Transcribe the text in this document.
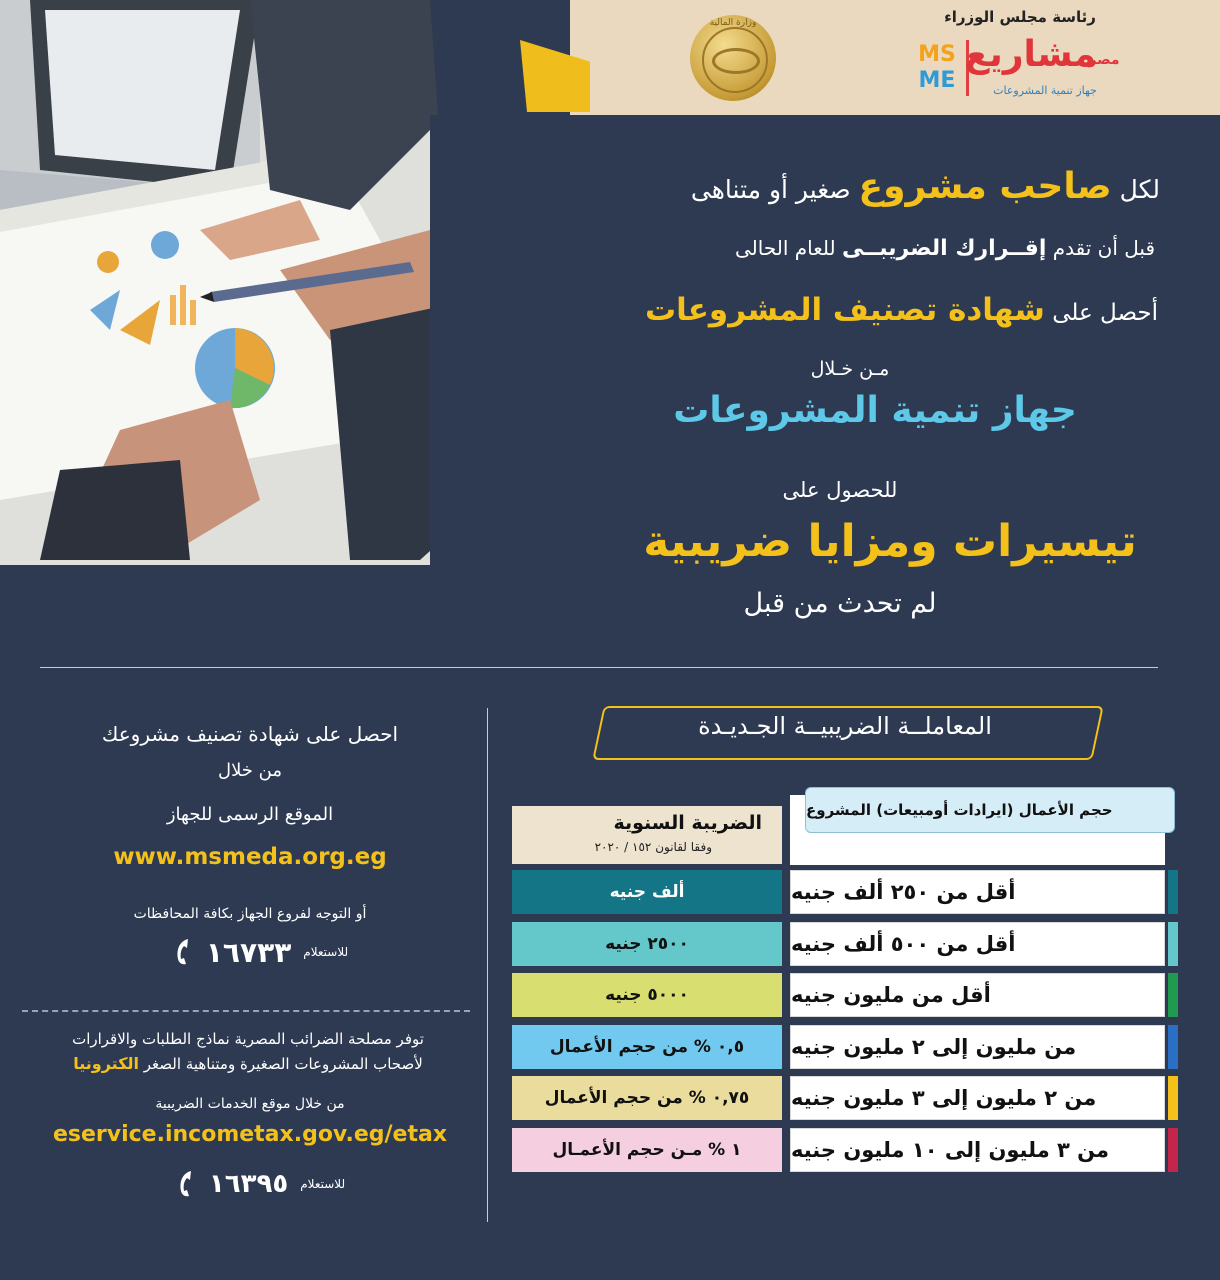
رئاسة مجلس الوزراء
MS
ME
مشاريع
مصر
جهاز تنمية المشروعات
وزارة المالية
لكل صاحب مشروع صغير أو متناهى
قبل أن تقدم إقــرارك الضريبــى للعام الحالى
أحصل على شهادة تصنيف المشروعات
مـن خـلال
جهاز تنمية المشروعات
للحصول على
تيسيرات ومزايا ضريبية
لم تحدث من قبل
المعاملــة الضريبيــة الجـديـدة
حجم الأعمال (ايرادات أومبيعات) المشروع
الضريبة السنوية
وفقا لقانون ١٥٢ / ٢٠٢٠
أقل من ٢٥٠ ألف جنيه
ألف جنيه
أقل من ٥٠٠ ألف جنيه
٢٥٠٠ جنيه
أقل من مليون جنيه
٥٠٠٠ جنيه
من مليون إلى ٢ مليون جنيه
٠,٥ % من حجم الأعمال
من ٢ مليون إلى ٣ مليون جنيه
٠,٧٥ % من حجم الأعمال
من ٣ مليون إلى ١٠ مليون جنيه
١ % مـن حجم الأعمـال
احصل على شهادة تصنيف مشروعك
من خلال
الموقع الرسمى للجهاز
www.msmeda.org.eg
أو التوجه لفروع الجهاز بكافة المحافظات
١٦٧٣٣ للاستعلام
توفر مصلحة الضرائب المصرية نماذج الطلبات والاقرارات
لأصحاب المشروعات الصغيرة ومتناهية الصغر الكترونيا
من خلال موقع الخدمات الضريبية
eservice.incometax.gov.eg/etax
١٦٣٩٥ للاستعلام
